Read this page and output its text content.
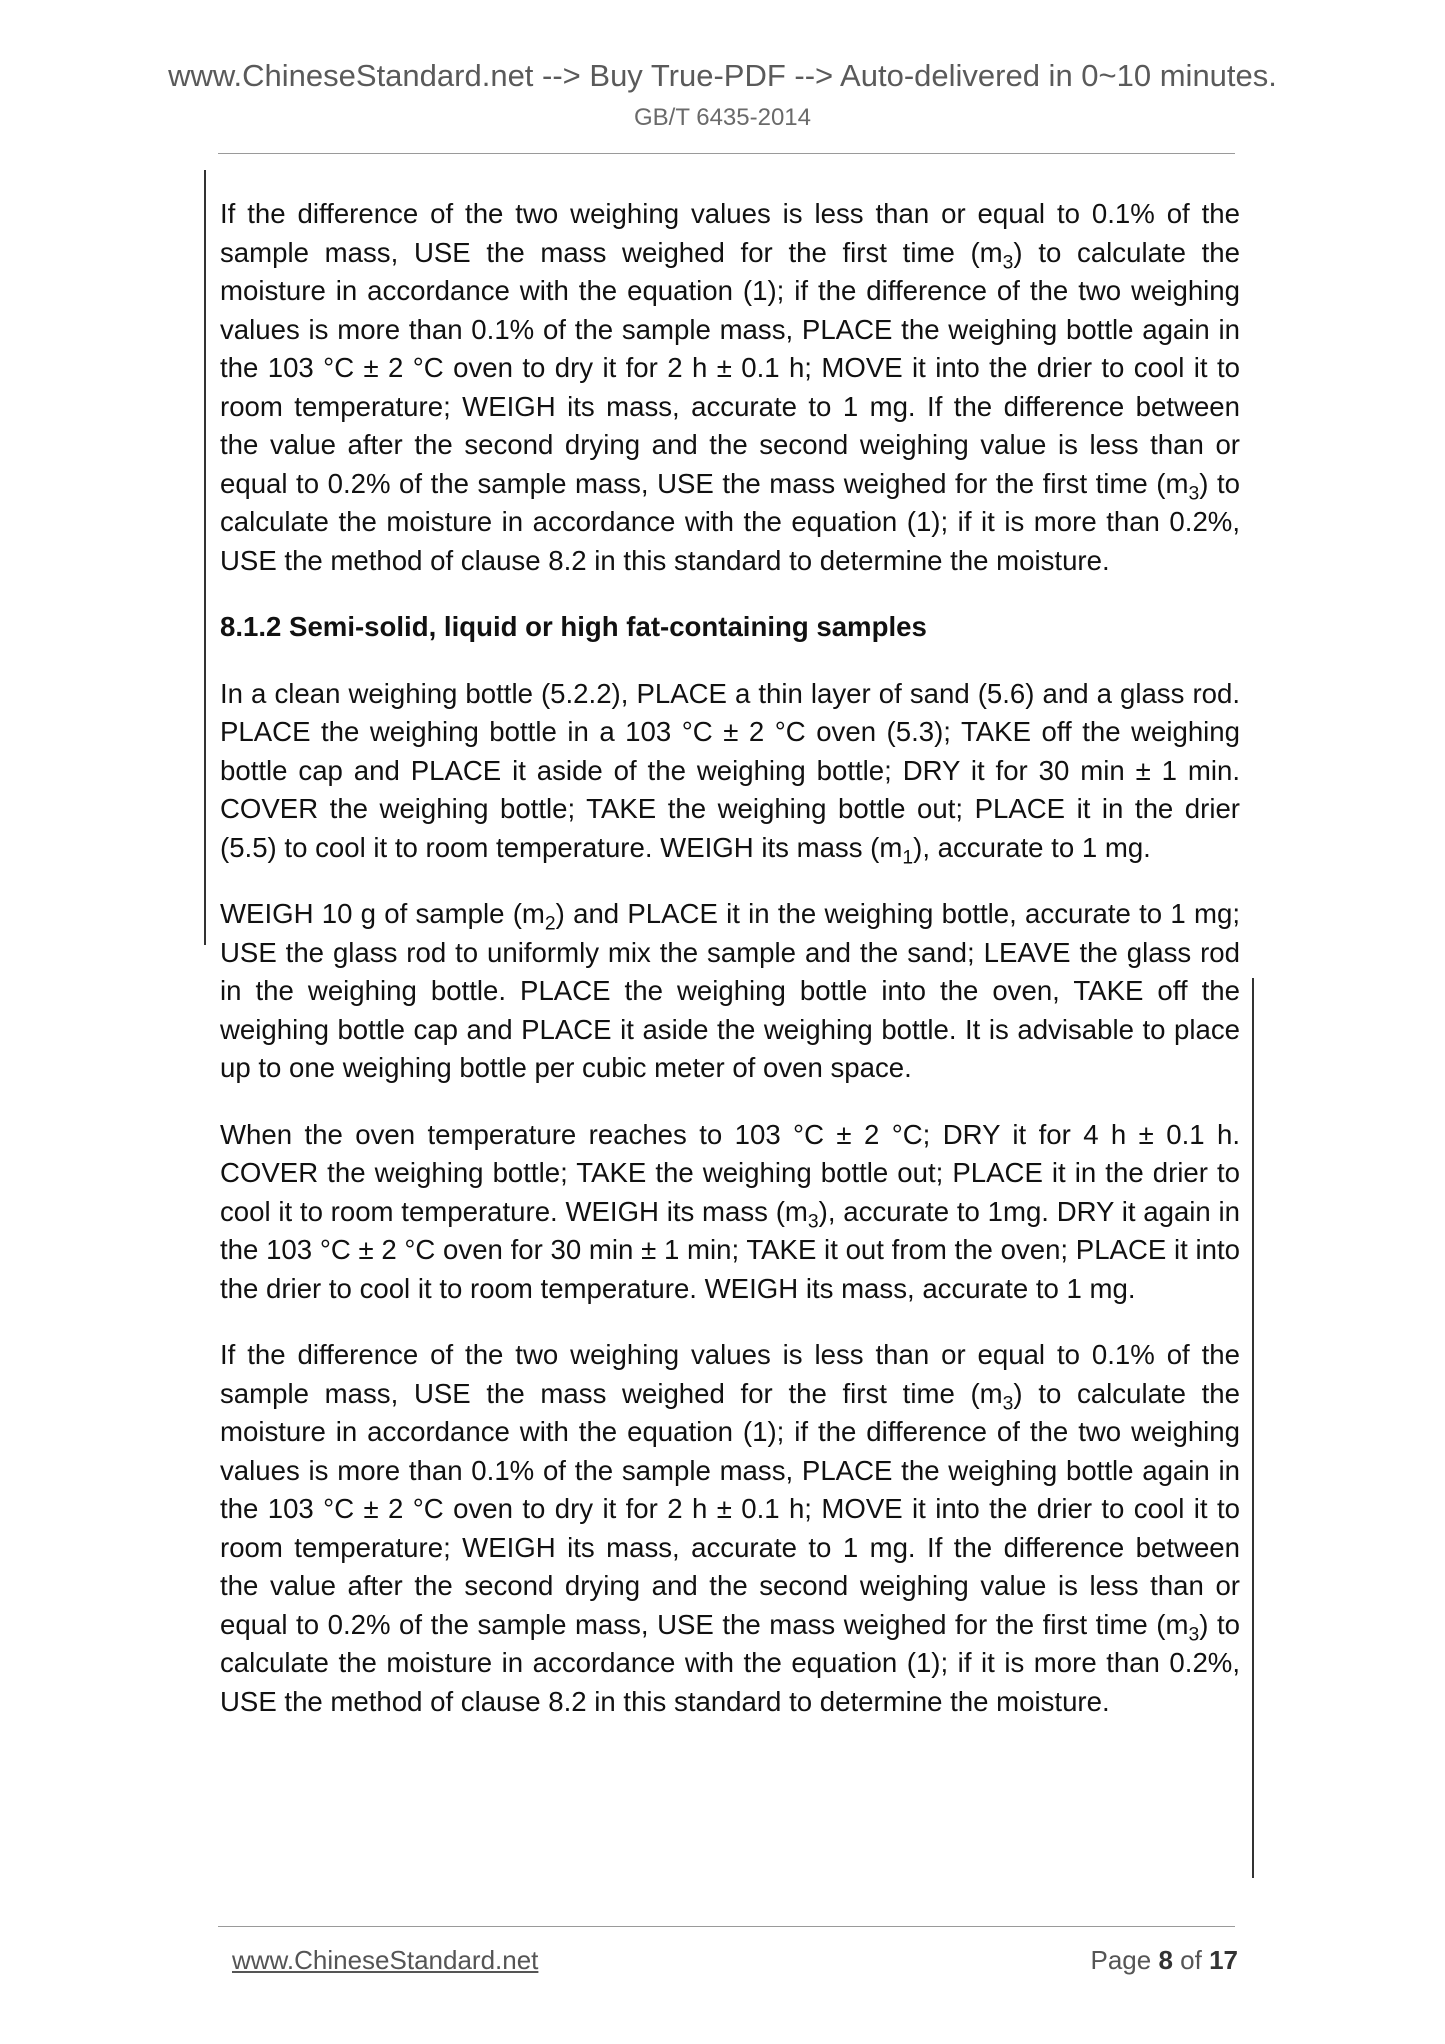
www.ChineseStandard.net --> Buy True-PDF --> Auto-delivered in 0~10 minutes.
GB/T 6435-2014

If the difference of the two weighing values is less than or equal to 0.1% of the sample mass, USE the mass weighed for the first time $(m_3)$ to calculate the moisture in accordance with the equation (1); if the difference of the two weighing values is more than 0.1% of the sample mass, PLACE the weighing bottle again in the 103 °C ± 2 °C oven to dry it for 2 h ± 0.1 h; MOVE it into the drier to cool it to room temperature; WEIGH its mass, accurate to 1 mg. If the difference between the value after the second drying and the second weighing value is less than or equal to 0.2% of the sample mass, USE the mass weighed for the first time $(m_3)$ to calculate the moisture in accordance with the equation (1); if it is more than 0.2%, USE the method of clause 8.2 in this standard to determine the moisture.

8.1.2 Semi-solid, liquid or high fat-containing samples

In a clean weighing bottle (5.2.2), PLACE a thin layer of sand (5.6) and a glass rod. PLACE the weighing bottle in a 103 °C ± 2 °C oven (5.3); TAKE off the weighing bottle cap and PLACE it aside of the weighing bottle; DRY it for 30 min ± 1 min. COVER the weighing bottle; TAKE the weighing bottle out; PLACE it in the drier (5.5) to cool it to room temperature. WEIGH its mass $(m_1)$, accurate to 1 mg.

WEIGH 10 g of sample $(m_2)$ and PLACE it in the weighing bottle, accurate to 1 mg; USE the glass rod to uniformly mix the sample and the sand; LEAVE the glass rod in the weighing bottle. PLACE the weighing bottle into the oven, TAKE off the weighing bottle cap and PLACE it aside the weighing bottle. It is advisable to place up to one weighing bottle per cubic meter of oven space.

When the oven temperature reaches to 103 °C ± 2 °C; DRY it for 4 h ± 0.1 h. COVER the weighing bottle; TAKE the weighing bottle out; PLACE it in the drier to cool it to room temperature. WEIGH its mass $(m_3)$, accurate to 1mg. DRY it again in the 103 °C ± 2 °C oven for 30 min ± 1 min; TAKE it out from the oven; PLACE it into the drier to cool it to room temperature. WEIGH its mass, accurate to 1 mg.

If the difference of the two weighing values is less than or equal to 0.1% of the sample mass, USE the mass weighed for the first time $(m_3)$ to calculate the moisture in accordance with the equation (1); if the difference of the two weighing values is more than 0.1% of the sample mass, PLACE the weighing bottle again in the 103 °C ± 2 °C oven to dry it for 2 h ± 0.1 h; MOVE it into the drier to cool it to room temperature; WEIGH its mass, accurate to 1 mg. If the difference between the value after the second drying and the second weighing value is less than or equal to 0.2% of the sample mass, USE the mass weighed for the first time $(m_3)$ to calculate the moisture in accordance with the equation (1); if it is more than 0.2%, USE the method of clause 8.2 in this standard to determine the moisture.

www.ChineseStandard.net	Page 8 of 17
